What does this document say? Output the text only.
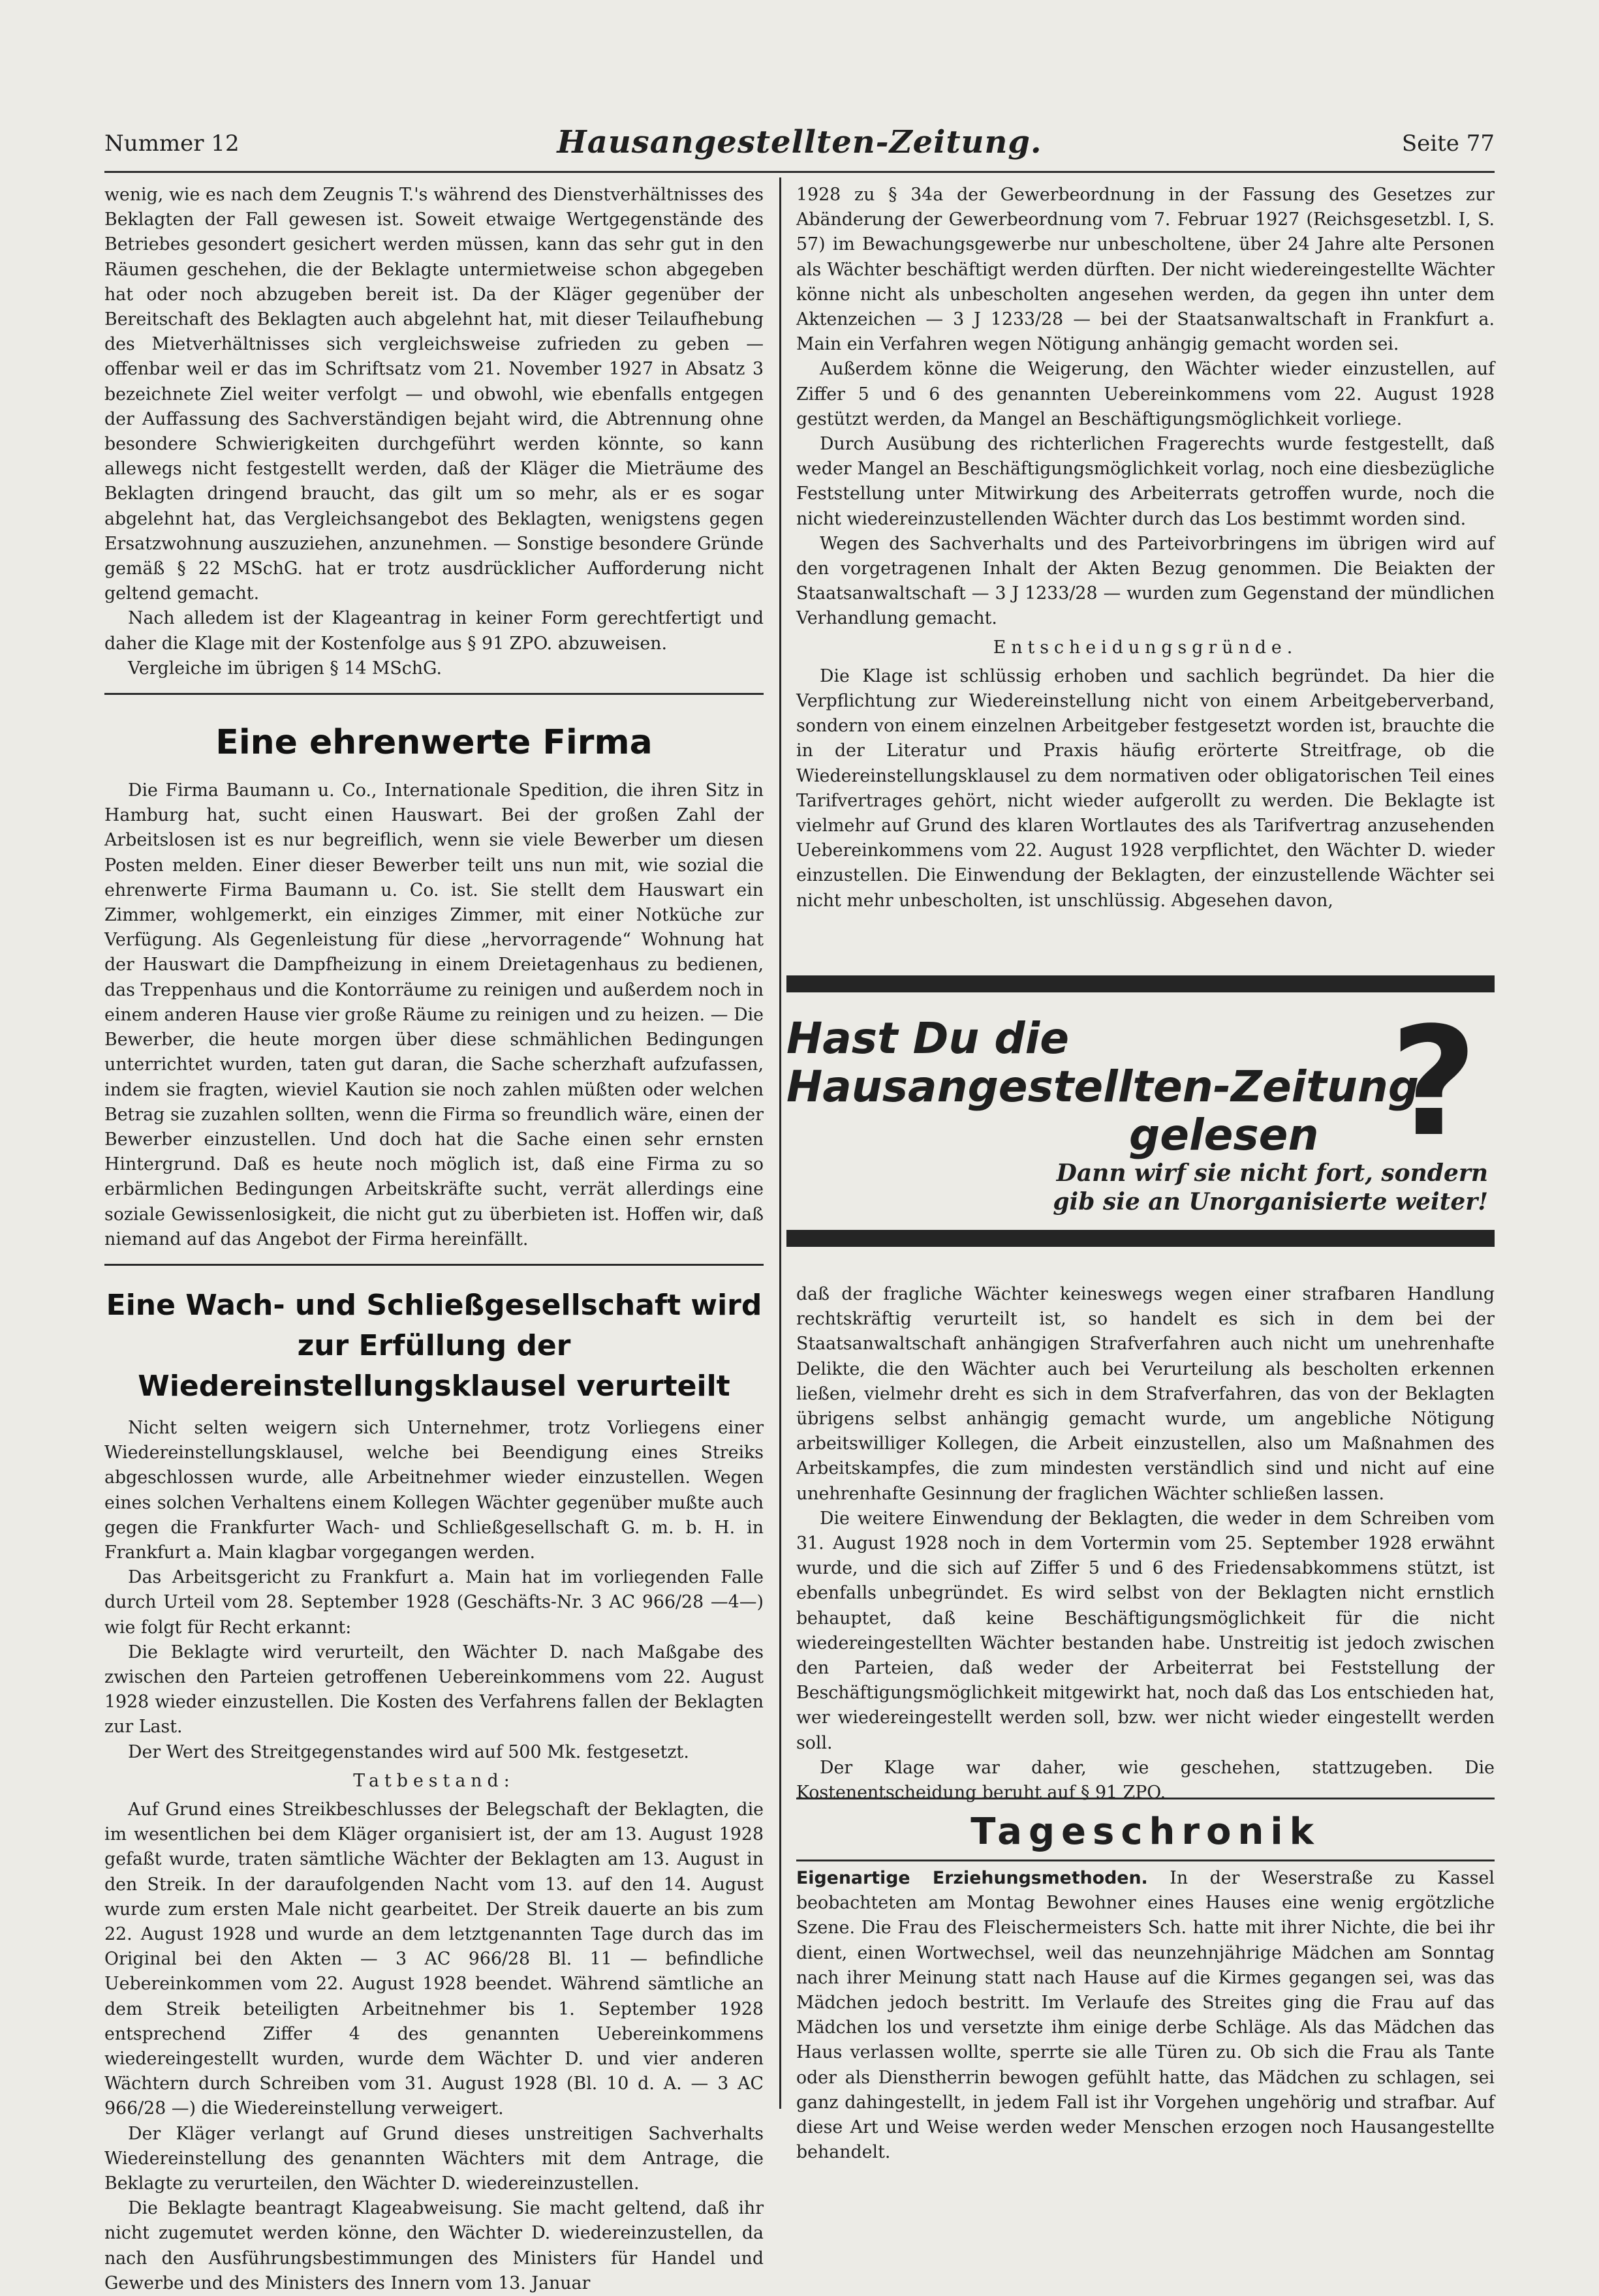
Nummer 12	Hausangestellten-Zeitung.	Seite 77

wenig, wie es nach dem Zeugnis T.'s während des Dienstverhältnisses des Beklagten der Fall gewesen ist. Soweit etwaige Wertgegenstände des Betriebes gesondert gesichert werden müssen, kann das sehr gut in den Räumen geschehen, die der Beklagte untermietweise schon abgegeben hat oder noch abzugeben bereit ist. Da der Kläger gegenüber der Bereitschaft des Beklagten auch abgelehnt hat, mit dieser Teilaufhebung des Mietverhältnisses sich vergleichsweise zufrieden zu geben — offenbar weil er das im Schriftsatz vom 21. November 1927 in Absatz 3 bezeichnete Ziel weiter verfolgt — und obwohl, wie ebenfalls entgegen der Auffassung des Sachverständigen bejaht wird, die Abtrennung ohne besondere Schwierigkeiten durchgeführt werden könnte, so kann allewegs nicht festgestellt werden, daß der Kläger die Mieträume des Beklagten dringend braucht, das gilt um so mehr, als er es sogar abgelehnt hat, das Vergleichsangebot des Beklagten, wenigstens gegen Ersatzwohnung auszuziehen, anzunehmen. — Sonstige besondere Gründe gemäß § 22 MSchG. hat er trotz ausdrücklicher Aufforderung nicht geltend gemacht.

Nach alledem ist der Klageantrag in keiner Form gerechtfertigt und daher die Klage mit der Kostenfolge aus § 91 ZPO. abzuweisen.

Vergleiche im übrigen § 14 MSchG.

Eine ehrenwerte Firma

Die Firma Baumann u. Co., Internationale Spedition, die ihren Sitz in Hamburg hat, sucht einen Hauswart. Bei der großen Zahl der Arbeitslosen ist es nur begreiflich, wenn sie viele Bewerber um diesen Posten melden. Einer dieser Bewerber teilt uns nun mit, wie sozial die ehrenwerte Firma Baumann u. Co. ist. Sie stellt dem Hauswart ein Zimmer, wohlgemerkt, ein einziges Zimmer, mit einer Notküche zur Verfügung. Als Gegenleistung für diese „hervorragende“ Wohnung hat der Hauswart die Dampfheizung in einem Dreietagenhaus zu bedienen, das Treppenhaus und die Kontorräume zu reinigen und außerdem noch in einem anderen Hause vier große Räume zu reinigen und zu heizen. — Die Bewerber, die heute morgen über diese schmählichen Bedingungen unterrichtet wurden, taten gut daran, die Sache scherzhaft aufzufassen, indem sie fragten, wieviel Kaution sie noch zahlen müßten oder welchen Betrag sie zuzahlen sollten, wenn die Firma so freundlich wäre, einen der Bewerber einzustellen. Und doch hat die Sache einen sehr ernsten Hintergrund. Daß es heute noch möglich ist, daß eine Firma zu so erbärmlichen Bedingungen Arbeitskräfte sucht, verrät allerdings eine soziale Gewissenlosigkeit, die nicht gut zu überbieten ist. Hoffen wir, daß niemand auf das Angebot der Firma hereinfällt.

Eine Wach- und Schließgesellschaft wird zur Erfüllung der Wiedereinstellungsklausel verurteilt

Nicht selten weigern sich Unternehmer, trotz Vorliegens einer Wiedereinstellungsklausel, welche bei Beendigung eines Streiks abgeschlossen wurde, alle Arbeitnehmer wieder einzustellen. Wegen eines solchen Verhaltens einem Kollegen Wächter gegenüber mußte auch gegen die Frankfurter Wach- und Schließgesellschaft G. m. b. H. in Frankfurt a. Main klagbar vorgegangen werden.

Das Arbeitsgericht zu Frankfurt a. Main hat im vorliegenden Falle durch Urteil vom 28. September 1928 (Geschäfts-Nr. 3 AC 966/28 —4—) wie folgt für Recht erkannt:

Die Beklagte wird verurteilt, den Wächter D. nach Maßgabe des zwischen den Parteien getroffenen Uebereinkommens vom 22. August 1928 wieder einzustellen. Die Kosten des Verfahrens fallen der Beklagten zur Last.

Der Wert des Streitgegenstandes wird auf 500 Mk. festgesetzt.

Tatbestand:

Auf Grund eines Streikbeschlusses der Belegschaft der Beklagten, die im wesentlichen bei dem Kläger organisiert ist, der am 13. August 1928 gefaßt wurde, traten sämtliche Wächter der Beklagten am 13. August in den Streik. In der daraufolgenden Nacht vom 13. auf den 14. August wurde zum ersten Male nicht gearbeitet. Der Streik dauerte an bis zum 22. August 1928 und wurde an dem letztgenannten Tage durch das im Original bei den Akten — 3 AC 966/28 Bl. 11 — befindliche Uebereinkommen vom 22. August 1928 beendet. Während sämtliche an dem Streik beteiligten Arbeitnehmer bis 1. September 1928 entsprechend Ziffer 4 des genannten Uebereinkommens wiedereingestellt wurden, wurde dem Wächter D. und vier anderen Wächtern durch Schreiben vom 31. August 1928 (Bl. 10 d. A. — 3 AC 966/28 —) die Wiedereinstellung verweigert.

Der Kläger verlangt auf Grund dieses unstreitigen Sachverhalts Wiedereinstellung des genannten Wächters mit dem Antrage, die Beklagte zu verurteilen, den Wächter D. wiedereinzustellen.

Die Beklagte beantragt Klageabweisung. Sie macht geltend, daß ihr nicht zugemutet werden könne, den Wächter D. wiedereinzustellen, da nach den Ausführungsbestimmungen des Ministers für Handel und Gewerbe und des Ministers des Innern vom 13. Januar

1928 zu § 34a der Gewerbeordnung in der Fassung des Gesetzes zur Abänderung der Gewerbeordnung vom 7. Februar 1927 (Reichsgesetzbl. I, S. 57) im Bewachungsgewerbe nur unbescholtene, über 24 Jahre alte Personen als Wächter beschäftigt werden dürften. Der nicht wiedereingestellte Wächter könne nicht als unbescholten angesehen werden, da gegen ihn unter dem Aktenzeichen — 3 J 1233/28 — bei der Staatsanwaltschaft in Frankfurt a. Main ein Verfahren wegen Nötigung anhängig gemacht worden sei.

Außerdem könne die Weigerung, den Wächter wieder einzustellen, auf Ziffer 5 und 6 des genannten Uebereinkommens vom 22. August 1928 gestützt werden, da Mangel an Beschäftigungsmöglichkeit vorliege.

Durch Ausübung des richterlichen Fragerechts wurde festgestellt, daß weder Mangel an Beschäftigungsmöglichkeit vorlag, noch eine diesbezügliche Feststellung unter Mitwirkung des Arbeiterrats getroffen wurde, noch die nicht wiedereinzustellenden Wächter durch das Los bestimmt worden sind.

Wegen des Sachverhalts und des Parteivorbringens im übrigen wird auf den vorgetragenen Inhalt der Akten Bezug genommen. Die Beiakten der Staatsanwaltschaft — 3 J 1233/28 — wurden zum Gegenstand der mündlichen Verhandlung gemacht.

Entscheidungsgründe.

Die Klage ist schlüssig erhoben und sachlich begründet. Da hier die Verpflichtung zur Wiedereinstellung nicht von einem Arbeitgeberverband, sondern von einem einzelnen Arbeitgeber festgesetzt worden ist, brauchte die in der Literatur und Praxis häufig erörterte Streitfrage, ob die Wiedereinstellungsklausel zu dem normativen oder obligatorischen Teil eines Tarifvertrages gehört, nicht wieder aufgerollt zu werden. Die Beklagte ist vielmehr auf Grund des klaren Wortlautes des als Tarifvertrag anzusehenden Uebereinkommens vom 22. August 1928 verpflichtet, den Wächter D. wieder einzustellen. Die Einwendung der Beklagten, der einzustellende Wächter sei nicht mehr unbescholten, ist unschlüssig. Abgesehen davon,

Hast Du die
Hausangestellten-Zeitung
gelesen ?
Dann wirf sie nicht fort, sondern
gib sie an Unorganisierte weiter!

daß der fragliche Wächter keineswegs wegen einer strafbaren Handlung rechtskräftig verurteilt ist, so handelt es sich in dem bei der Staatsanwaltschaft anhängigen Strafverfahren auch nicht um unehrenhafte Delikte, die den Wächter auch bei Verurteilung als bescholten erkennen ließen, vielmehr dreht es sich in dem Strafverfahren, das von der Beklagten übrigens selbst anhängig gemacht wurde, um angebliche Nötigung arbeitswilliger Kollegen, die Arbeit einzustellen, also um Maßnahmen des Arbeitskampfes, die zum mindesten verständlich sind und nicht auf eine unehrenhafte Gesinnung der fraglichen Wächter schließen lassen.

Die weitere Einwendung der Beklagten, die weder in dem Schreiben vom 31. August 1928 noch in dem Vortermin vom 25. September 1928 erwähnt wurde, und die sich auf Ziffer 5 und 6 des Friedensabkommens stützt, ist ebenfalls unbegründet. Es wird selbst von der Beklagten nicht ernstlich behauptet, daß keine Beschäftigungsmöglichkeit für die nicht wiedereingestellten Wächter bestanden habe. Unstreitig ist jedoch zwischen den Parteien, daß weder der Arbeiterrat bei Feststellung der Beschäftigungsmöglichkeit mitgewirkt hat, noch daß das Los entschieden hat, wer wiedereingestellt werden soll, bzw. wer nicht wieder eingestellt werden soll.

Der Klage war daher, wie geschehen, stattzugeben. Die Kostenentscheidung beruht auf § 91 ZPO.

Tageschronik

Eigenartige Erziehungsmethoden. In der Weserstraße zu Kassel beobachteten am Montag Bewohner eines Hauses eine wenig ergötzliche Szene. Die Frau des Fleischermeisters Sch. hatte mit ihrer Nichte, die bei ihr dient, einen Wortwechsel, weil das neunzehnjährige Mädchen am Sonntag nach ihrer Meinung statt nach Hause auf die Kirmes gegangen sei, was das Mädchen jedoch bestritt. Im Verlaufe des Streites ging die Frau auf das Mädchen los und versetzte ihm einige derbe Schläge. Als das Mädchen das Haus verlassen wollte, sperrte sie alle Türen zu. Ob sich die Frau als Tante oder als Dienstherrin bewogen gefühlt hatte, das Mädchen zu schlagen, sei ganz dahingestellt, in jedem Fall ist ihr Vorgehen ungehörig und strafbar. Auf diese Art und Weise werden weder Menschen erzogen noch Hausangestellte behandelt.
